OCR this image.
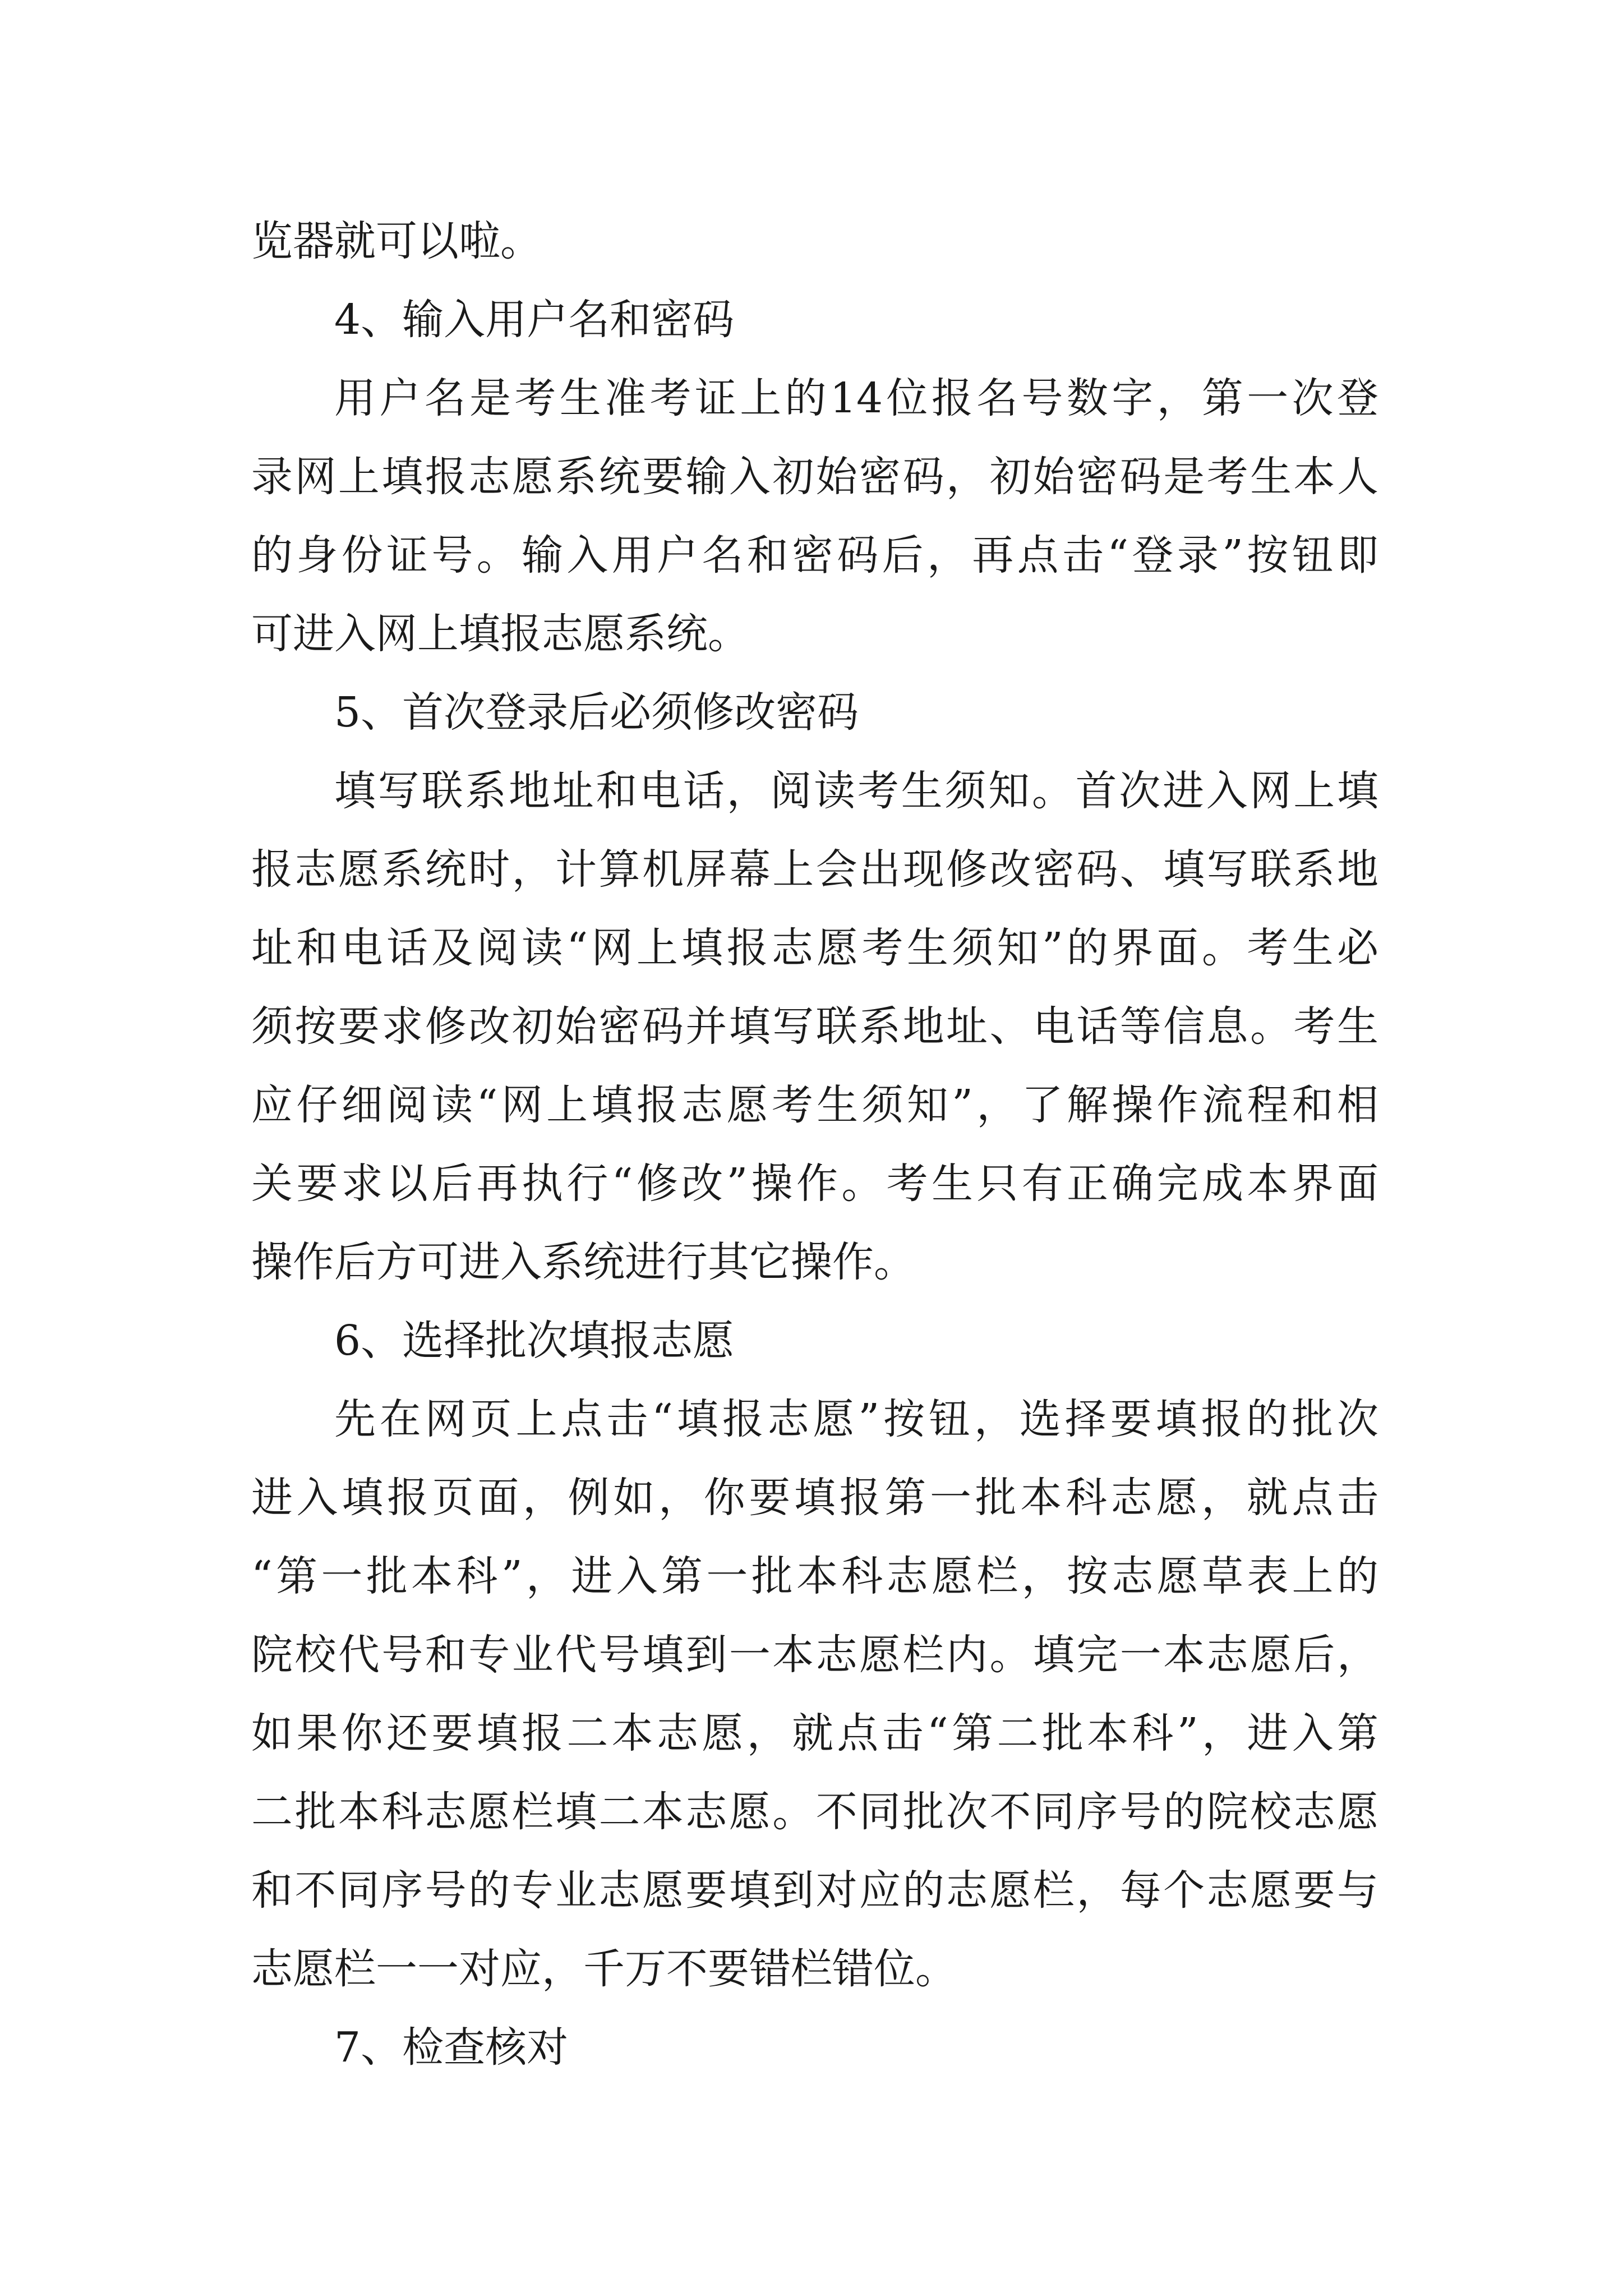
览器就可以啦。
4、输入用户名和密码
用户名是考生准考证上的14位报名号数字，第一次登
录网上填报志愿系统要输入初始密码，初始密码是考生本人
的身份证号。输入用户名和密码后，再点击“登录”按钮即
可进入网上填报志愿系统。
5、首次登录后必须修改密码
填写联系地址和电话，阅读考生须知。首次进入网上填
报志愿系统时，计算机屏幕上会出现修改密码、填写联系地
址和电话及阅读“网上填报志愿考生须知”的界面。考生必
须按要求修改初始密码并填写联系地址、电话等信息。考生
应仔细阅读“网上填报志愿考生须知”，了解操作流程和相
关要求以后再执行“修改”操作。考生只有正确完成本界面
操作后方可进入系统进行其它操作。
6、选择批次填报志愿
先在网页上点击“填报志愿”按钮，选择要填报的批次
进入填报页面，例如，你要填报第一批本科志愿，就点击
“第一批本科”，进入第一批本科志愿栏，按志愿草表上的
院校代号和专业代号填到一本志愿栏内。填完一本志愿后，
如果你还要填报二本志愿，就点击“第二批本科”，进入第
二批本科志愿栏填二本志愿。不同批次不同序号的院校志愿
和不同序号的专业志愿要填到对应的志愿栏，每个志愿要与
志愿栏一一对应，千万不要错栏错位。
7、检查核对
